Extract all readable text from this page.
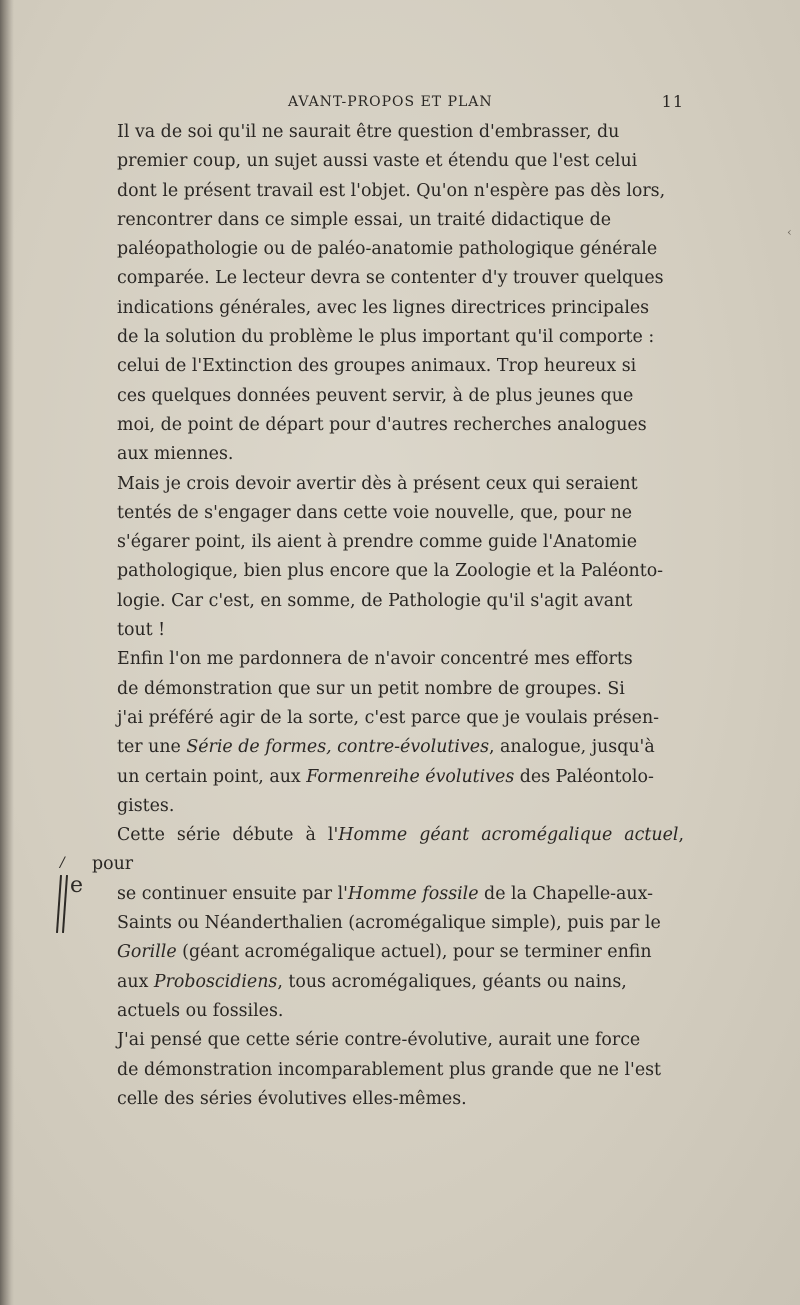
‹
AVANT-PROPOS ET PLAN	11

Il va de soi qu'il ne saurait être question d'embrasser, du
premier coup, un sujet aussi vaste et étendu que l'est celui
dont le présent travail est l'objet. Qu'on n'espère pas dès lors,
rencontrer dans ce simple essai, un traité didactique de
paléopathologie ou de paléo-anatomie pathologique générale
comparée. Le lecteur devra se contenter d'y trouver quelques
indications générales, avec les lignes directrices principales
de la solution du problème le plus important qu'il comporte :
celui de l'Extinction des groupes animaux. Trop heureux si
ces quelques données peuvent servir, à de plus jeunes que
moi, de point de départ pour d'autres recherches analogues
aux miennes.

Mais je crois devoir avertir dès à présent ceux qui seraient
tentés de s'engager dans cette voie nouvelle, que, pour ne
s'égarer point, ils aient à prendre comme guide l'Anatomie
pathologique, bien plus encore que la Zoologie et la Paléonto-
logie. Car c'est, en somme, de Pathologie qu'il s'agit avant
tout !

Enfin l'on me pardonnera de n'avoir concentré mes efforts
de démonstration que sur un petit nombre de groupes. Si
j'ai préféré agir de la sorte, c'est parce que je voulais présen-
ter une Série de formes, contre-évolutives, analogue, jusqu'à
un certain point, aux Formenreihe évolutives des Paléontolo-
gistes.

Cette série débute à l'Homme géant acromégalique actuel, pour
se continuer ensuite par l'Homme fossile de la Chapelle-aux-
Saints ou Néanderthalien (acromégalique simple), puis par le
Gorille (géant acromégalique actuel), pour se terminer enfin
aux Proboscidiens, tous acromégaliques, géants ou nains,
actuels ou fossiles.

J'ai pensé que cette série contre-évolutive, aurait une force
de démonstration incomparablement plus grande que ne l'est
celle des séries évolutives elles-mêmes.

/
e
